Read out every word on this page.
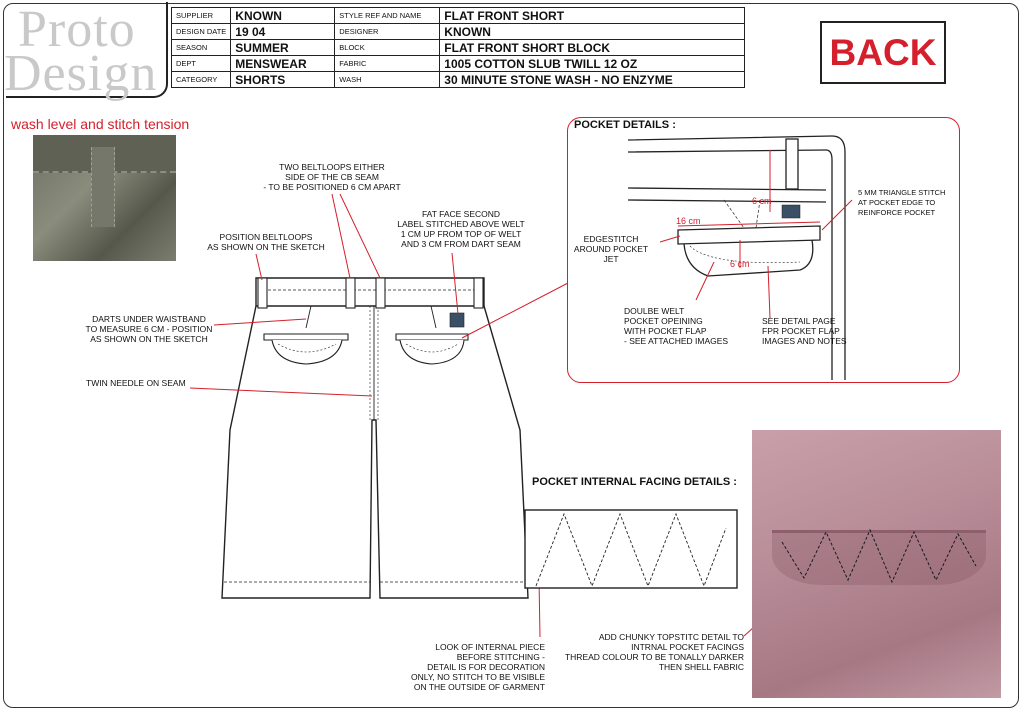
Proto
Design
SUPPLIER	KNOWN	STYLE REF AND NAME	FLAT FRONT SHORT
DESIGN DATE	19 04	DESIGNER	KNOWN
SEASON	SUMMER	BLOCK	FLAT FRONT SHORT BLOCK
DEPT	MENSWEAR	FABRIC	1005 COTTON SLUB TWILL 12 OZ
CATEGORY	SHORTS	WASH	30 MINUTE STONE WASH - NO ENZYME
BACK
wash level and stitch tension	POCKET DETAILS :
TWO BELTLOOPS EITHER
SIDE OF THE CB SEAM
- TO BE POSITIONED 6 CM APART
POSITION BELTLOOPS
AS SHOWN ON THE SKETCH
FAT FACE SECOND
LABEL STITCHED ABOVE WELT
1 CM UP FROM TOP OF WELT
AND 3 CM FROM DART SEAM
DARTS UNDER WAISTBAND
TO MEASURE 6 CM - POSITION
AS SHOWN ON THE SKETCH
TWIN NEEDLE ON SEAM
LOOK OF INTERNAL PIECE
BEFORE STITCHING -
DETAIL IS FOR DECORATION
ONLY, NO STITCH TO BE VISIBLE
ON THE OUTSIDE OF GARMENT
ADD CHUNKY TOPSTITC DETAIL TO
INTRNAL POCKET FACINGS
THREAD COLOUR TO BE TONALLY DARKER
THEN SHELL FABRIC
EDGESTITCH
AROUND POCKET
JET
5 MM TRIANGLE STITCH
AT POCKET EDGE TO
REINFORCE POCKET
DOULBE WELT
POCKET OPEINING
WITH POCKET FLAP
- SEE ATTACHED IMAGES
SEE DETAIL PAGE
FPR POCKET FLAP
IMAGES AND NOTES
6 cm
16 cm
6 cm
POCKET INTERNAL FACING DETAILS :
